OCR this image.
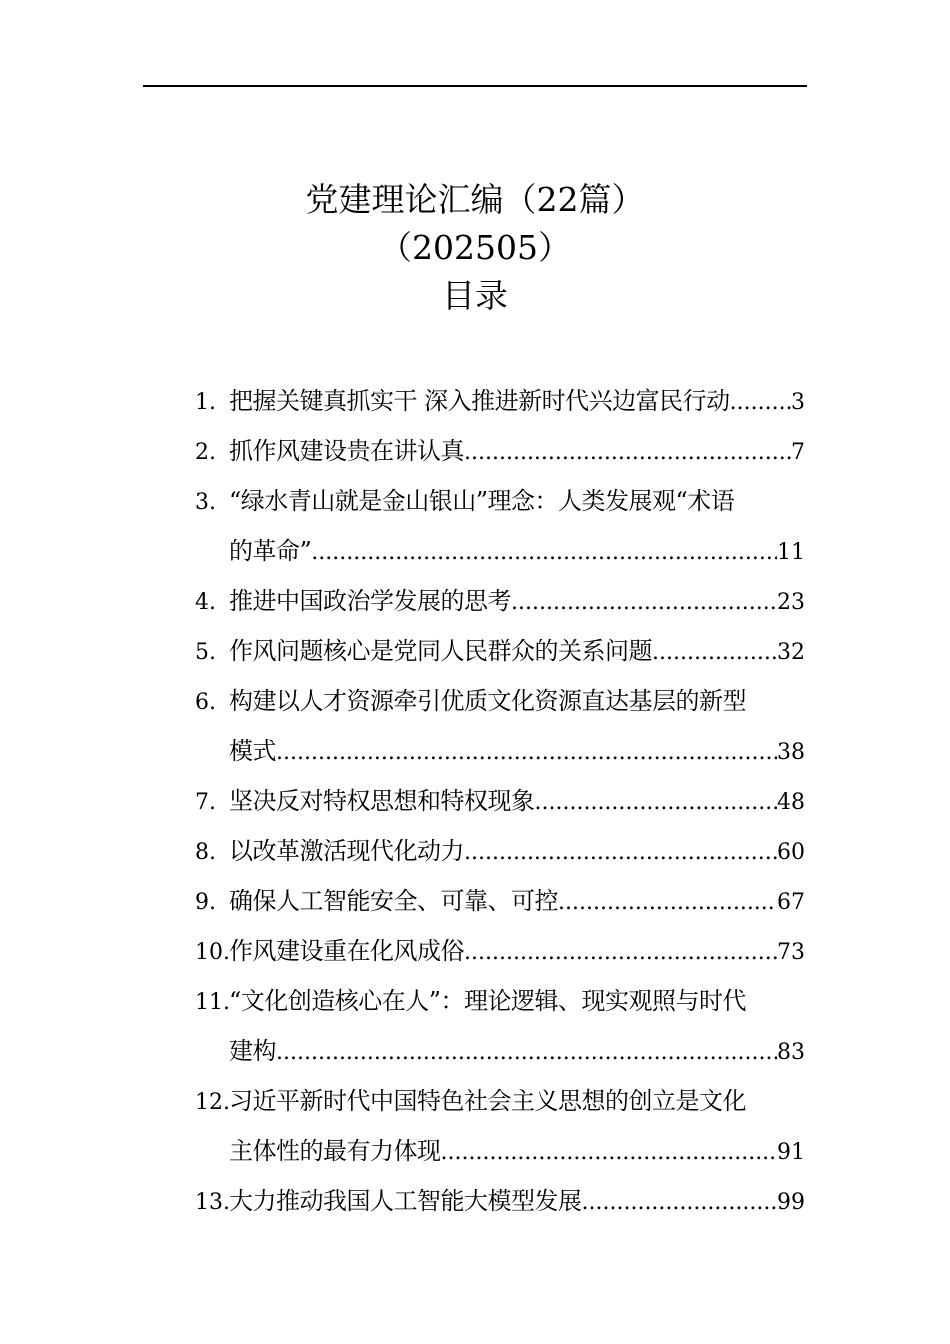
党建理论汇编（22篇）
（202505）
目录
1. 把握关键真抓实干 深入推进新时代兴边富民行动 .....	3
2. 抓作风建设贵在讲认真 .....	7
3. “绿水青山就是金山银山”理念：人类发展观“术语
的革命” .....	11
4. 推进中国政治学发展的思考 .....	23
5. 作风问题核心是党同人民群众的关系问题 .....	32
6. 构建以人才资源牵引优质文化资源直达基层的新型
模式 .....	38
7. 坚决反对特权思想和特权现象 .....	48
8. 以改革激活现代化动力 .....	60
9. 确保人工智能安全、可靠、可控 .....	67
10. 作风建设重在化风成俗 .....	73
11. “文化创造核心在人”：理论逻辑、现实观照与时代
建构 .....	83
12. 习近平新时代中国特色社会主义思想的创立是文化
主体性的最有力体现 .....	91
13. 大力推动我国人工智能大模型发展 .....	99
